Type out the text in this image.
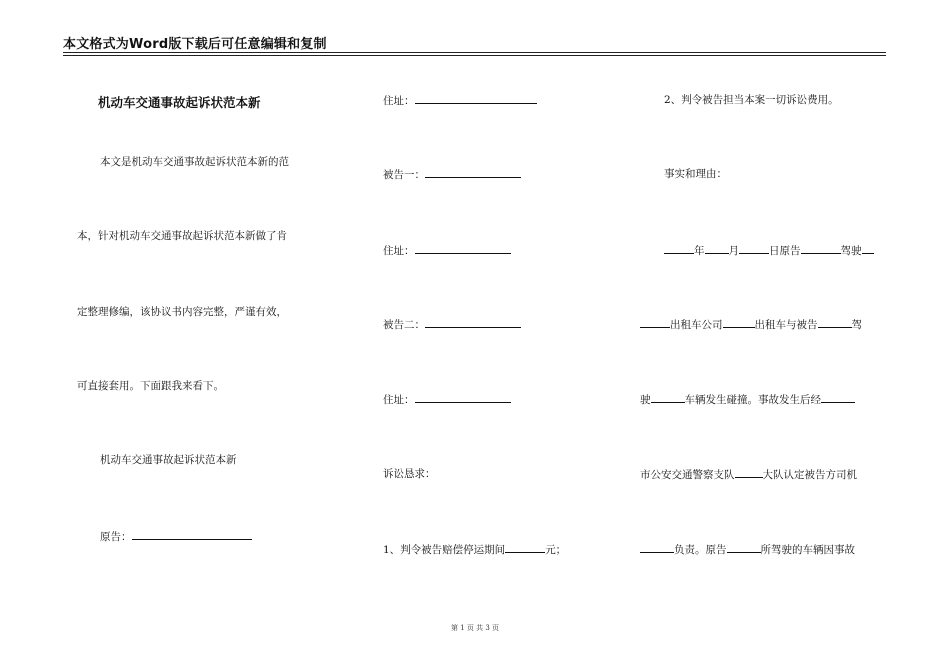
本文格式为Word版下载后可任意编辑和复制
机动车交通事故起诉状范本新
本文是机动车交通事故起诉状范本新的范
本，针对机动车交通事故起诉状范本新做了肯
定整理修编，该协议书内容完整，严谨有效，
可直接套用。下面跟我来看下。
机动车交通事故起诉状范本新
原告：
住址：
被告一：
住址：
被告二：
住址：
诉讼恳求：
1、判令被告赔偿停运期间	元；
2、判令被告担当本案一切诉讼费用。
事实和理由：
年 月	日原告	驾驶
出租车公司	出租车与被告	驾
驶	车辆发生碰撞。事故发生后经
市公安交通警察支队	大队认定被告方司机
负责。原告	所驾驶的车辆因事故
第 1 页 共 3 页
